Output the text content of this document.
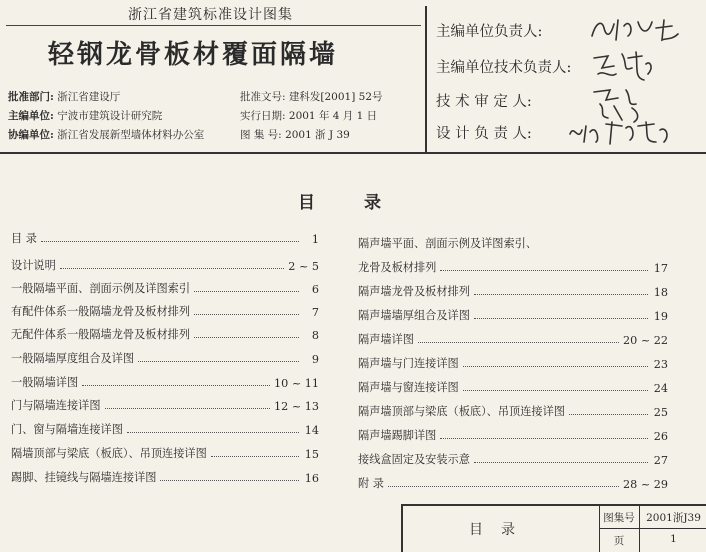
浙江省建筑标准设计图集
轻钢龙骨板材覆面隔墙
批准部门: 浙江省建设厅
主编单位: 宁波市建筑设计研究院
协编单位: 浙江省发展新型墙体材料办公室
批准文号: 建科发[2001] 52号
实行日期: 2001 年 4 月 1 日
图 集 号: 2001 浙 J 39
主编单位负责人:
主编单位技术负责人:
技 术 审 定 人:
设 计 负 责 人:
目	录
目 录	1
设计说明	2 ~ 5
一般隔墙平面、剖面示例及详图索引	6
有配件体系一般隔墙龙骨及板材排列	7
无配件体系一般隔墙龙骨及板材排列	8
一般隔墙厚度组合及详图	9
一般隔墙详图	10 ~ 11
门与隔墙连接详图	12 ~ 13
门、窗与隔墙连接详图	14
隔墙顶部与梁底（板底）、吊顶连接详图	15
踢脚、挂镜线与隔墙连接详图	16
隔声墙平面、剖面示例及详图索引、
龙骨及板材排列	17
隔声墙龙骨及板材排列	18
隔声墙墙厚组合及详图	19
隔声墙详图	20 ~ 22
隔声墙与门连接详图	23
隔声墙与窗连接详图	24
隔声墙顶部与梁底（板底）、吊顶连接详图	25
隔声墙踢脚详图	26
接线盒固定及安装示意	27
附 录	28 ~ 29
目录
图集号	2001浙J39
页	1
